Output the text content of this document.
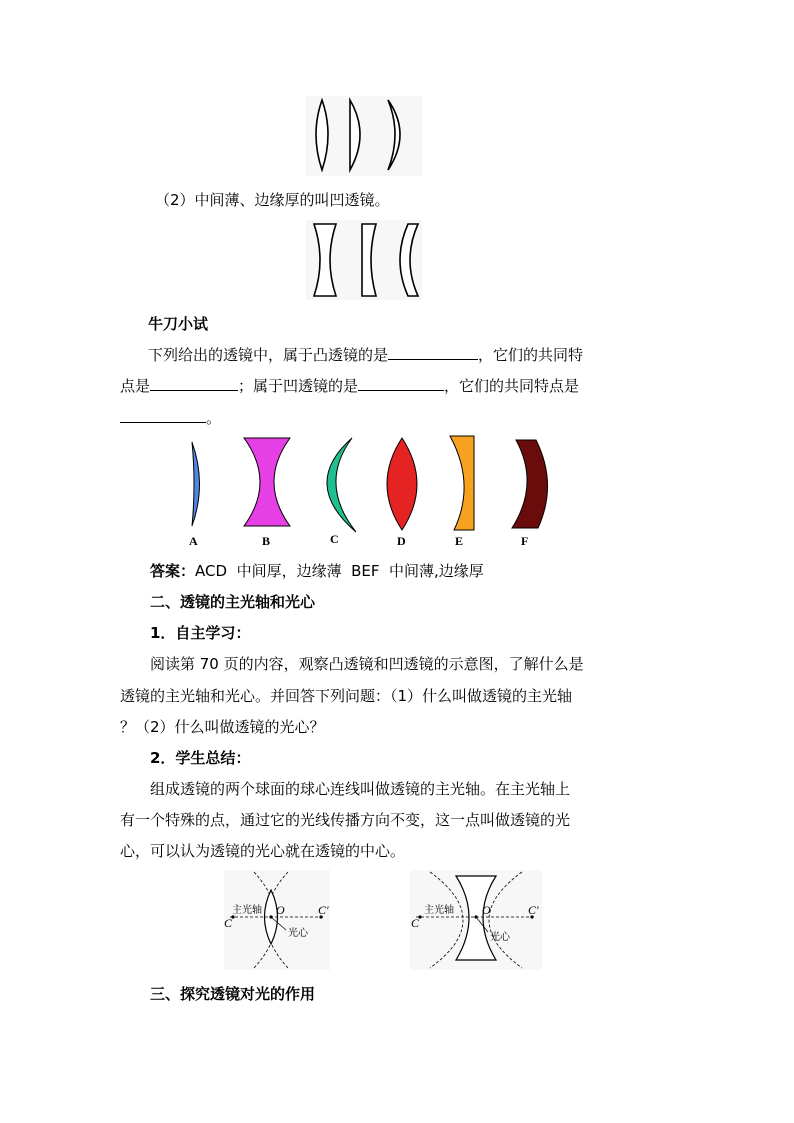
（2）中间薄、边缘厚的叫凹透镜。
牛刀小试
下列给出的透镜中，属于凸透镜的是	，它们的共同特
点是	；属于凹透镜的是	，它们的共同特点是
。
A	B	C	D	E	F
答案：ACD  中间厚，边缘薄  BEF  中间薄,边缘厚
二、透镜的主光轴和光心
1．自主学习：
阅读第 70 页的内容，观察凸透镜和凹透镜的示意图，了解什么是
透镜的主光轴和光心。并回答下列问题：（1）什么叫做透镜的主光轴
？（2）什么叫做透镜的光心？
2．学生总结：
组成透镜的两个球面的球心连线叫做透镜的主光轴。在主光轴上
有一个特殊的点，通过它的光线传播方向不变，这一点叫做透镜的光
心，可以认为透镜的光心就在透镜的中心。
主光轴 O
C
C′
光心
主光轴 O
C
C′
光心
三、探究透镜对光的作用
